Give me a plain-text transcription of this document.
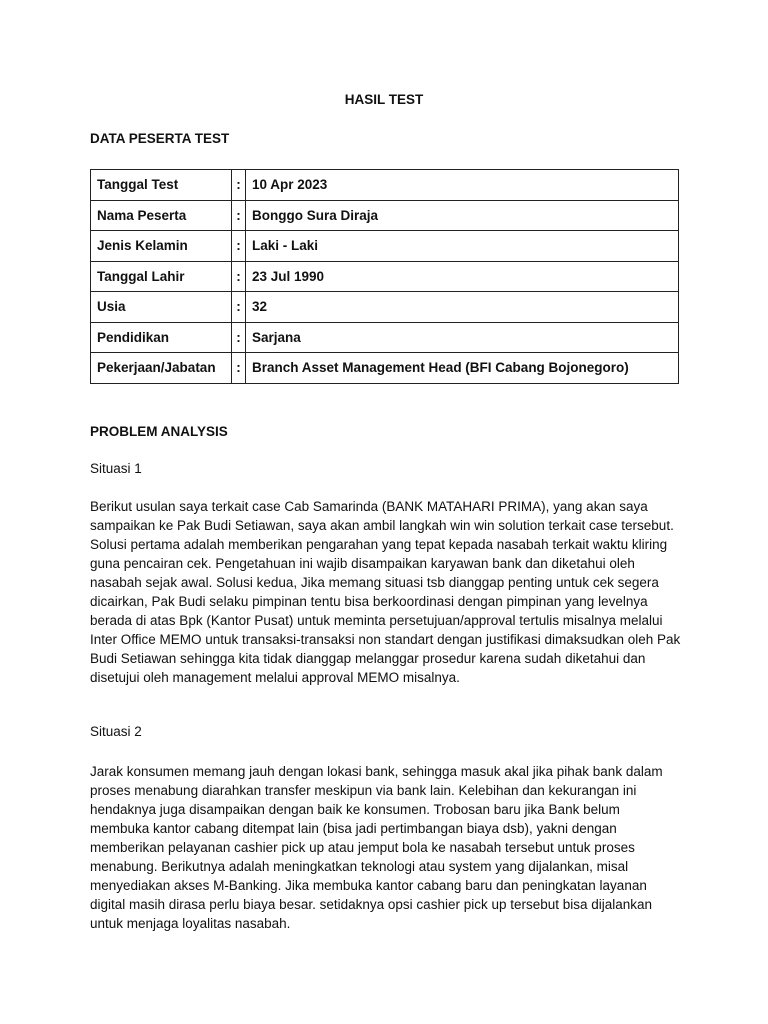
HASIL TEST
DATA PESERTA TEST
Tanggal Test	:	10 Apr 2023
Nama Peserta	:	Bonggo Sura Diraja
Jenis Kelamin	:	Laki - Laki
Tanggal Lahir	:	23 Jul 1990
Usia	:	32
Pendidikan	:	Sarjana
Pekerjaan/Jabatan	:	Branch Asset Management Head (BFI Cabang Bojonegoro)
PROBLEM ANALYSIS
Situasi 1
Berikut usulan saya terkait case Cab Samarinda (BANK MATAHARI PRIMA), yang akan saya sampaikan ke Pak Budi Setiawan, saya akan ambil langkah win win solution terkait case tersebut. Solusi pertama adalah memberikan pengarahan yang tepat kepada nasabah terkait waktu kliring guna pencairan cek. Pengetahuan ini wajib disampaikan karyawan bank dan diketahui oleh nasabah sejak awal. Solusi kedua, Jika memang situasi tsb dianggap penting untuk cek segera dicairkan, Pak Budi selaku pimpinan tentu bisa berkoordinasi dengan pimpinan yang levelnya berada di atas Bpk (Kantor Pusat) untuk meminta persetujuan/approval tertulis misalnya melalui Inter Office MEMO untuk transaksi-transaksi non standart dengan justifikasi dimaksudkan oleh Pak Budi Setiawan sehingga kita tidak dianggap melanggar prosedur karena sudah diketahui dan disetujui oleh management melalui approval MEMO misalnya.
Situasi 2
Jarak konsumen memang jauh dengan lokasi bank, sehingga masuk akal jika pihak bank dalam proses menabung diarahkan transfer meskipun via bank lain. Kelebihan dan kekurangan ini hendaknya juga disampaikan dengan baik ke konsumen. Trobosan baru jika Bank belum membuka kantor cabang ditempat lain (bisa jadi pertimbangan biaya dsb), yakni dengan memberikan pelayanan cashier pick up atau jemput bola ke nasabah tersebut untuk proses menabung. Berikutnya adalah meningkatkan teknologi atau system yang dijalankan, misal menyediakan akses M-Banking. Jika membuka kantor cabang baru dan peningkatan layanan digital masih dirasa perlu biaya besar. setidaknya opsi cashier pick up tersebut bisa dijalankan untuk menjaga loyalitas nasabah.
